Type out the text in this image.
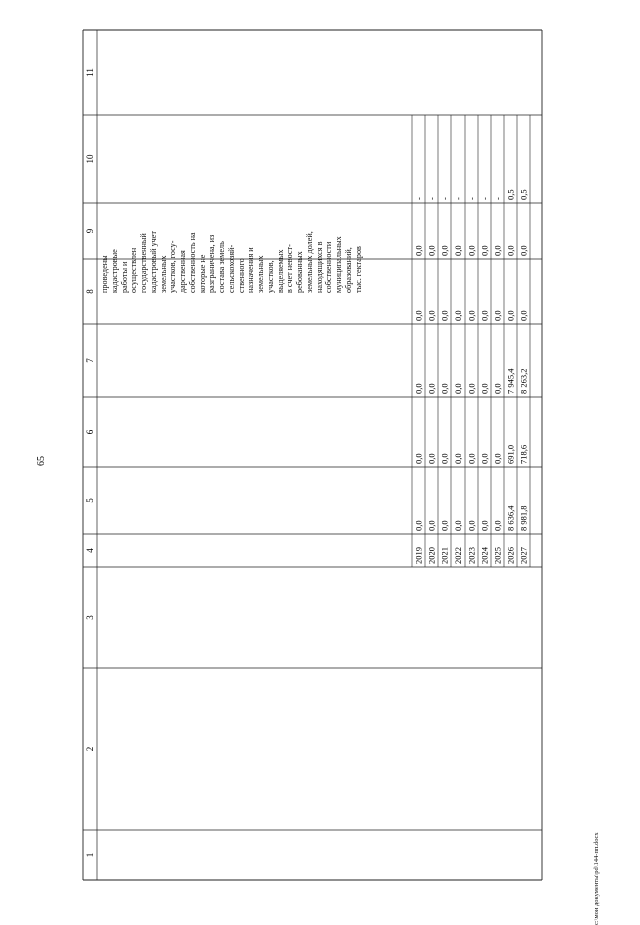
65
1
2
3
4
5
6
7
8
9
10
11
2019
0,0
0,0
0,0
0,0
0,0
-
2020
0,0
0,0
0,0
0,0
0,0
-
2021
0,0
0,0
0,0
0,0
0,0
-
2022
0,0
0,0
0,0
0,0
0,0
-
2023
0,0
0,0
0,0
0,0
0,0
-
2024
0,0
0,0
0,0
0,0
0,0
-
2025
0,0
0,0
0,0
0,0
0,0
-
2026
8 636,4
691,0
7 945,4
0,0
0,0
0,5
2027
8 981,8
718,6
8 263,2
0,0
0,0
0,5
проведены кадастровые работы и осуществлен государственный кадастровый учет земельных участков, госу- дарственная собственность на которые не разграничена, из состава земель сельскохозяй- ственного назначения и земельных участков, выделяемых в счет невост- ребованных земельных долей, находящихся в собственности муниципальных образований, тыс. гектаров
с:\мои документы\pd\144-пп.docx
